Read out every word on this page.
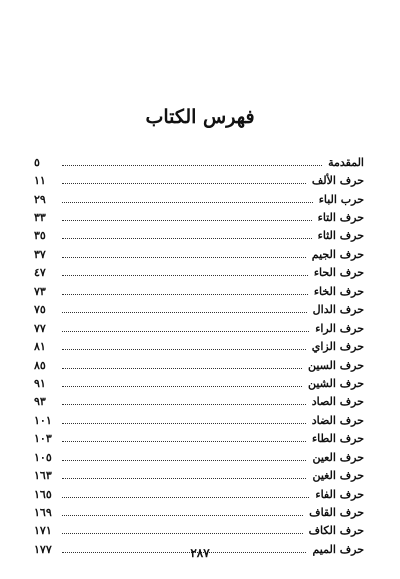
فهرس الكتاب
المقدمة
٥
حرف الألف
١١
حرب الباء
٢٩
حرف التاء
٣٣
حرف الثاء
٣٥
حرف الجيم
٣٧
حرف الحاء
٤٧
حرف الخاء
٧٣
حرف الدال
٧٥
حرف الراء
٧٧
حرف الزاي
٨١
حرف السين
٨٥
حرف الشين
٩١
حرف الصاد
٩٣
حرف الضاد
١٠١
حرف الطاء
١٠٣
حرف العين
١٠٥
حرف الغين
١٦٣
حرف الفاء
١٦٥
حرف القاف
١٦٩
حرف الكاف
١٧١
حرف الميم
١٧٧	٢٨٧
